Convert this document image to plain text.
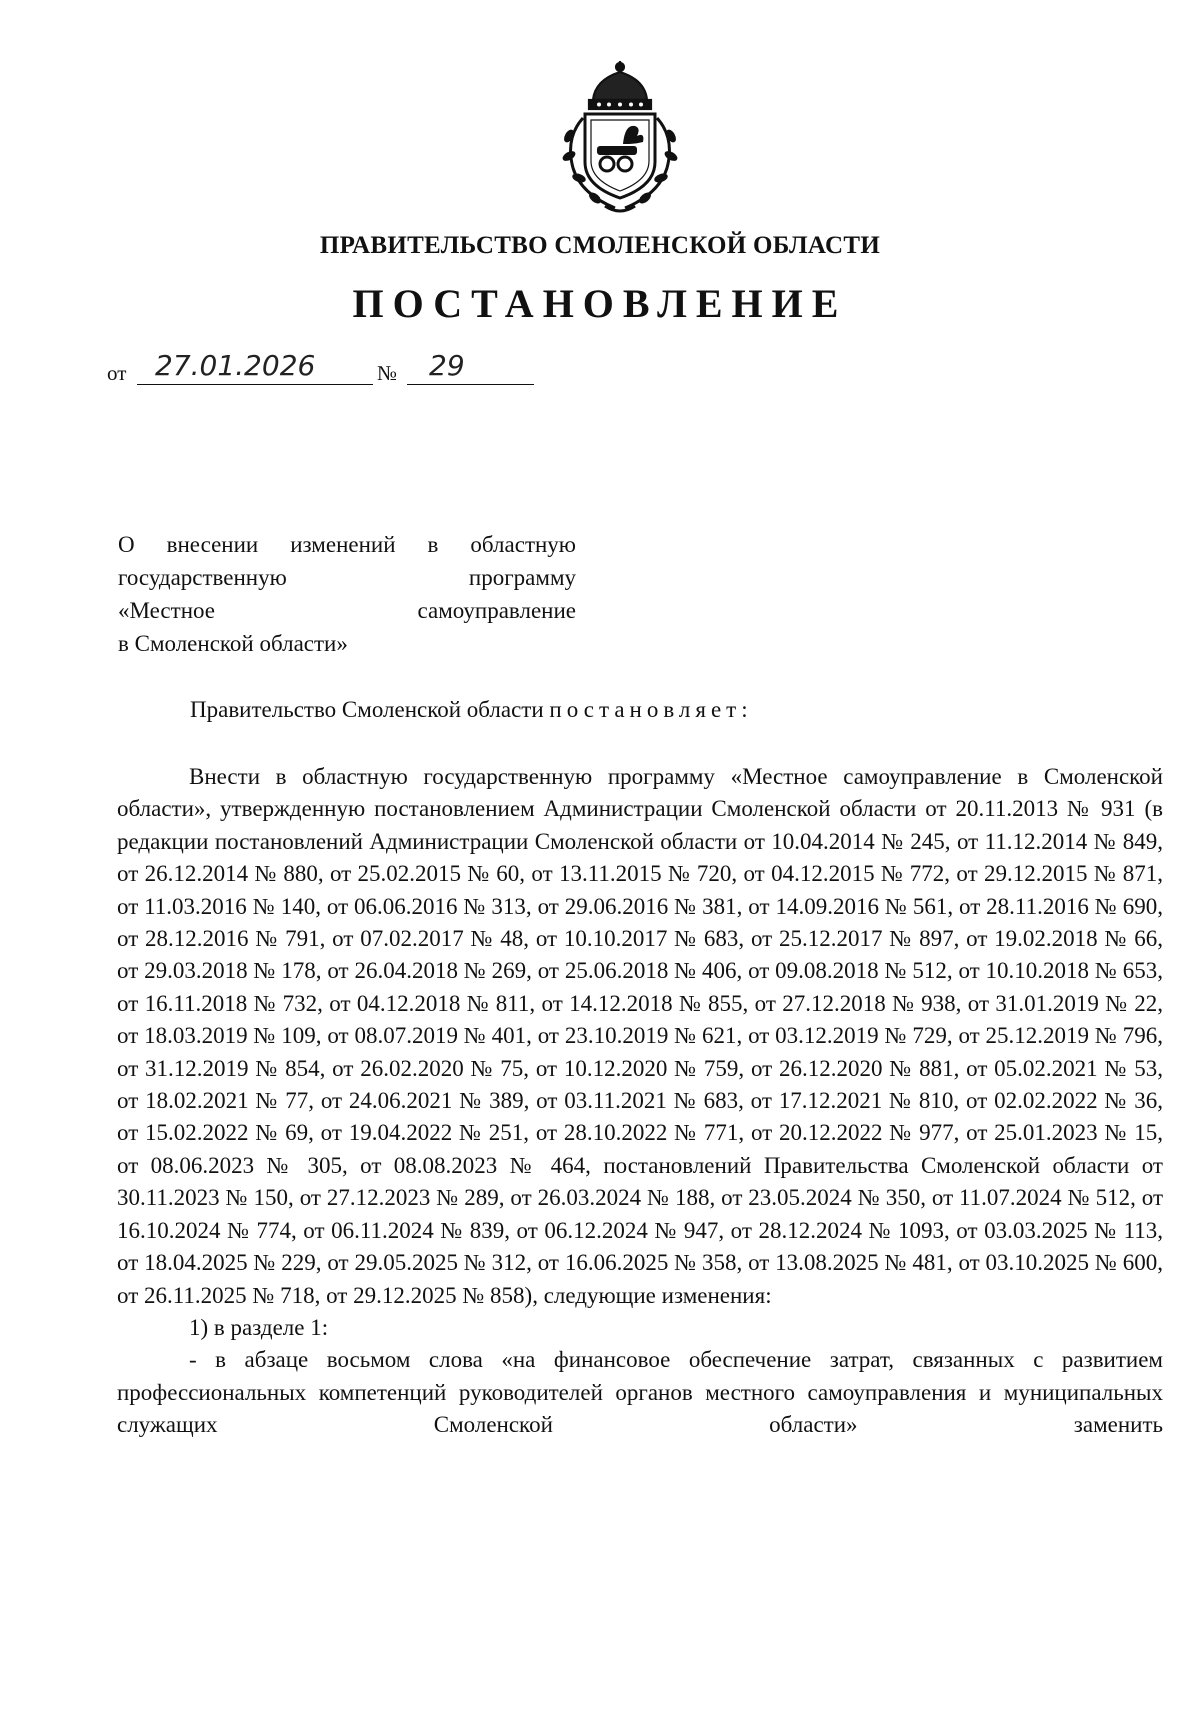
ПРАВИТЕЛЬСТВО СМОЛЕНСКОЙ ОБЛАСТИ
ПОСТАНОВЛЕНИЕ
от 27.01.2026	№ 29
О внесении изменений в областную
государственную программу
«Местное самоуправление
в Смоленской области»
Правительство Смоленской области постановляет:

Внести в областную государственную программу «Местное самоуправление в Смоленской области», утвержденную постановлением Администрации Смоленской области от 20.11.2013 № 931 (в редакции постановлений Администрации Смоленской области от 10.04.2014 № 245, от 11.12.2014 № 849, от 26.12.2014 № 880, от 25.02.2015 № 60, от 13.11.2015 № 720, от 04.12.2015 № 772, от 29.12.2015 № 871, от 11.03.2016 № 140, от 06.06.2016 № 313, от 29.06.2016 № 381, от 14.09.2016 № 561, от 28.11.2016 № 690, от 28.12.2016 № 791, от 07.02.2017 № 48, от 10.10.2017 № 683, от 25.12.2017 № 897, от 19.02.2018 № 66, от 29.03.2018 № 178, от 26.04.2018 № 269, от 25.06.2018 № 406, от 09.08.2018 № 512, от 10.10.2018 № 653, от 16.11.2018 № 732, от 04.12.2018 № 811, от 14.12.2018 № 855, от 27.12.2018 № 938, от 31.01.2019 № 22, от 18.03.2019 № 109, от 08.07.2019 № 401, от 23.10.2019 № 621, от 03.12.2019 № 729, от 25.12.2019 № 796, от 31.12.2019 № 854, от 26.02.2020 № 75, от 10.12.2020 № 759, от 26.12.2020 № 881, от 05.02.2021 № 53, от 18.02.2021 № 77, от 24.06.2021 № 389, от 03.11.2021 № 683, от 17.12.2021 № 810, от 02.02.2022 № 36, от 15.02.2022 № 69, от 19.04.2022 № 251, от 28.10.2022 № 771, от 20.12.2022 № 977, от 25.01.2023 № 15, от 08.06.2023 № 305, от 08.08.2023 № 464, постановлений Правительства Смоленской области от 30.11.2023 № 150, от 27.12.2023 № 289, от 26.03.2024 № 188, от 23.05.2024 № 350, от 11.07.2024 № 512, от 16.10.2024 № 774, от 06.11.2024 № 839, от 06.12.2024 № 947, от 28.12.2024 № 1093, от 03.03.2025 № 113, от 18.04.2025 № 229, от 29.05.2025 № 312, от 16.06.2025 № 358, от 13.08.2025 № 481, от 03.10.2025 № 600, от 26.11.2025 № 718, от 29.12.2025 № 858), следующие изменения:

1) в разделе 1:

- в абзаце восьмом слова «на финансовое обеспечение затрат, связанных с развитием профессиональных компетенций руководителей органов местного самоуправления и муниципальных служащих Смоленской области» заменить
